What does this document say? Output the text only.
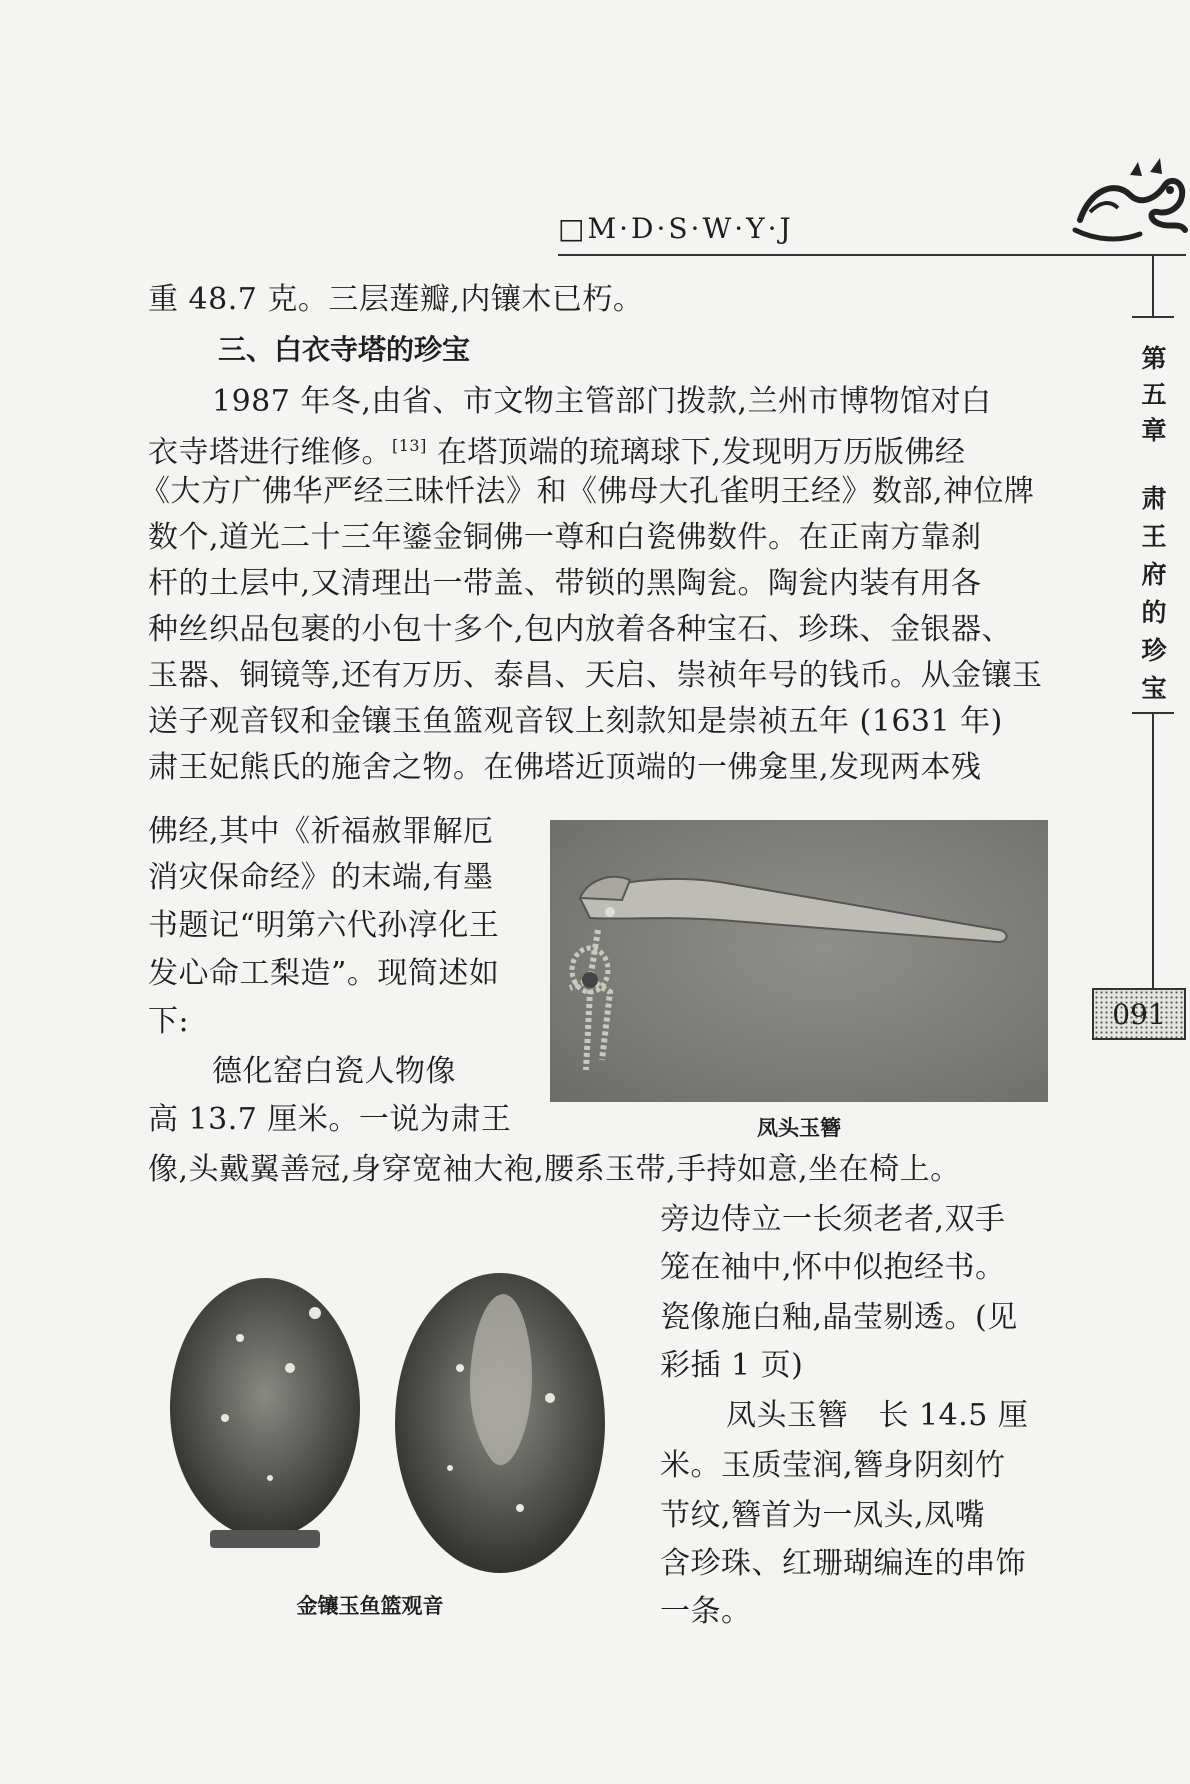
□M·D·S·W·Y·J
第
五
章
肃
王
府
的
珍
宝
091
重 48.7 克。三层莲瓣,内镶木已朽。
三、白衣寺塔的珍宝
1987 年冬,由省、市文物主管部门拨款,兰州市博物馆对白
衣寺塔进行维修。[13] 在塔顶端的琉璃球下,发现明万历版佛经
《大方广佛华严经三昧忏法》和《佛母大孔雀明王经》数部,神位牌
数个,道光二十三年鎏金铜佛一尊和白瓷佛数件。在正南方靠刹
杆的土层中,又清理出一带盖、带锁的黑陶瓮。陶瓮内装有用各
种丝织品包裹的小包十多个,包内放着各种宝石、珍珠、金银器、
玉器、铜镜等,还有万历、泰昌、天启、崇祯年号的钱币。从金镶玉
送子观音钗和金镶玉鱼篮观音钗上刻款知是崇祯五年 (1631 年)
肃王妃熊氏的施舍之物。在佛塔近顶端的一佛龛里,发现两本残
佛经,其中《祈福赦罪解厄
消灾保命经》的末端,有墨
书题记“明第六代孙淳化王
发心命工梨造”。现简述如
下:
德化窑白瓷人物像
高 13.7 厘米。一说为肃王
像,头戴翼善冠,身穿宽袖大袍,腰系玉带,手持如意,坐在椅上。
旁边侍立一长须老者,双手
笼在袖中,怀中似抱经书。
瓷像施白釉,晶莹剔透。(见
彩插 1 页)
凤头玉簪　长 14.5 厘
米。玉质莹润,簪身阴刻竹
节纹,簪首为一凤头,凤嘴
含珍珠、红珊瑚编连的串饰
一条。
凤头玉簪
金镶玉鱼篮观音
